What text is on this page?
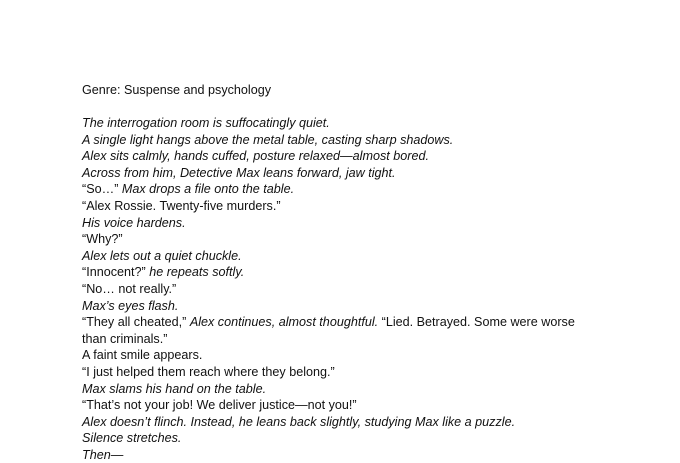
Genre: Suspense and psychology
The interrogation room is suffocatingly quiet.
A single light hangs above the metal table, casting sharp shadows.
Alex sits calmly, hands cuffed, posture relaxed—almost bored.
Across from him, Detective Max leans forward, jaw tight.
“So…” Max drops a file onto the table.
“Alex Rossie. Twenty-five murders.”
His voice hardens.
“Why?”
Alex lets out a quiet chuckle.
“Innocent?” he repeats softly.
“No… not really.”
Max’s eyes flash.
“They all cheated,” Alex continues, almost thoughtful. “Lied. Betrayed. Some were worse
than criminals.”
A faint smile appears.
“I just helped them reach where they belong.”
Max slams his hand on the table.
“That’s not your job! We deliver justice—not you!”
Alex doesn’t flinch. Instead, he leans back slightly, studying Max like a puzzle.
Silence stretches.
Then—
